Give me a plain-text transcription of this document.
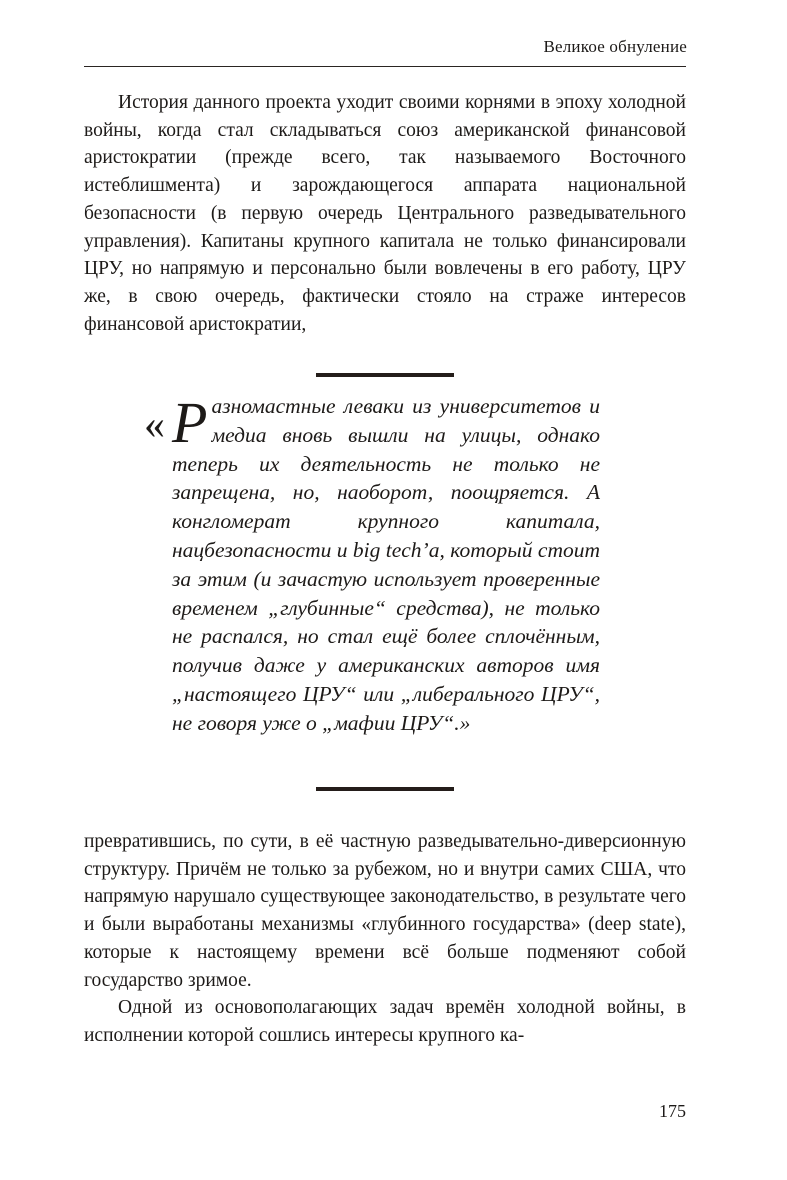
Великое обнуление

История данного проекта уходит своими корнями в эпоху холодной войны, когда стал складываться союз американской финансовой аристократии (прежде всего, так называемого Восточного истеблишмента) и зарождающегося аппарата национальной безопасности (в первую очередь Центрального разведывательного управления). Капитаны крупного капитала не только финансировали ЦРУ, но напрямую и персонально были вовлечены в его работу, ЦРУ же, в свою очередь, фактически стояло на страже интересов финансовой аристократии,

« Р азномастные леваки из университетов и медиа вновь вышли на улицы, однако теперь их деятельность не только не запрещена, но, наоборот, поощряется. А конгломерат крупного капитала, нацбезопасности и big tech’а, который стоит за этим (и зачастую использует проверенные временем „глубинные“ средства), не только не распался, но стал ещё более сплочённым, получив даже у американских авторов имя „настоящего ЦРУ“ или „либерального ЦРУ“, не говоря уже о „мафии ЦРУ“.»

превратившись, по сути, в её частную разведывательно-диверсионную структуру. Причём не только за рубежом, но и внутри самих США, что напрямую нарушало существующее законодательство, в результате чего и были выработаны механизмы «глубинного государства» (deep state), которые к настоящему времени всё больше подменяют собой государство зримое.

Одной из основополагающих задач времён холодной войны, в исполнении которой сошлись интересы крупного ка-

175
